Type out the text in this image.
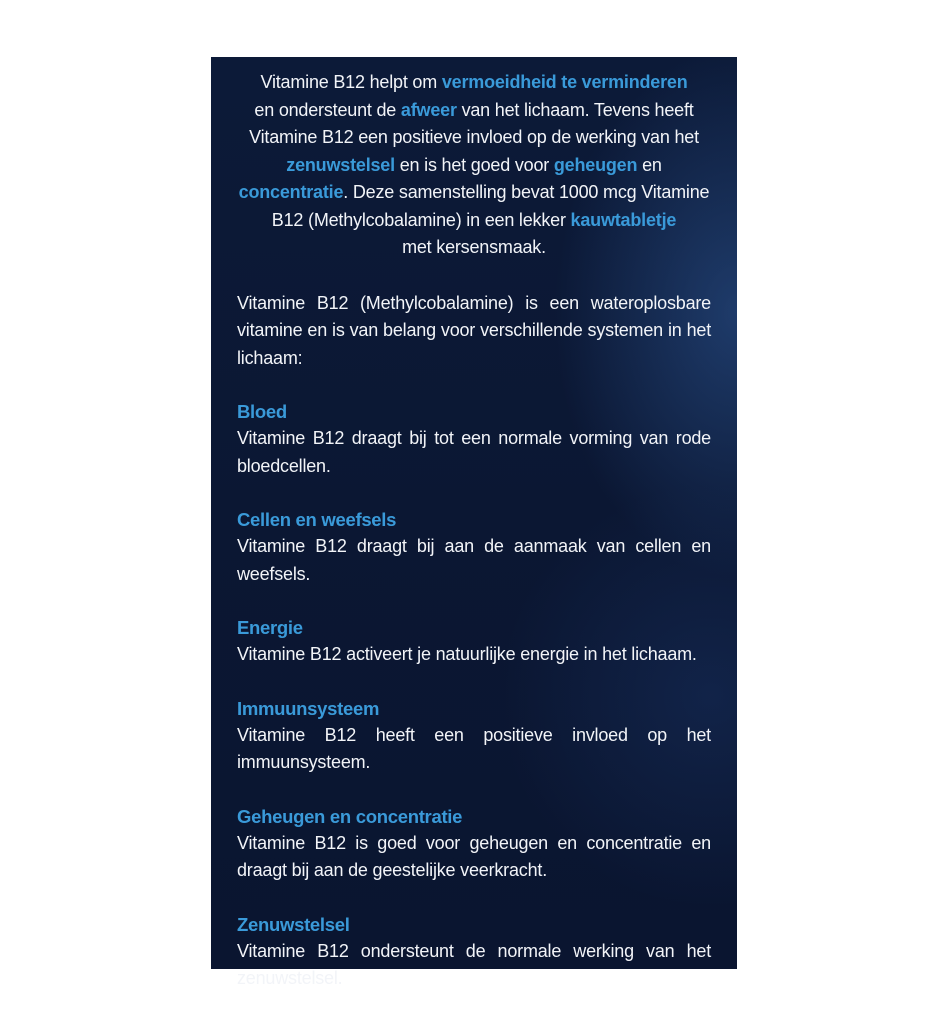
Vitamine B12 helpt om vermoeidheid te verminderen
en ondersteunt de afweer van het lichaam. Tevens heeft Vitamine B12 een positieve invloed op de werking van het zenuwstelsel en is het goed voor geheugen en concentratie. Deze samenstelling bevat 1000 mcg Vitamine B12 (Methylcobalamine) in een lekker kauwtabletje
met kersensmaak.

Vitamine B12 (Methylcobalamine) is een wateroplosbare vitamine en is van belang voor verschillende systemen in het lichaam:

Bloed

Vitamine B12 draagt bij tot een normale vorming van rode bloedcellen.

Cellen en weefsels

Vitamine B12 draagt bij aan de aanmaak van cellen en weefsels.

Energie

Vitamine B12 activeert je natuurlijke energie in het lichaam.

Immuunsysteem

Vitamine B12 heeft een positieve invloed op het immuunsysteem.

Geheugen en concentratie

Vitamine B12 is goed voor geheugen en concentratie en draagt bij aan de geestelijke veerkracht.

Zenuwstelsel

Vitamine B12 ondersteunt de normale werking van het zenuwstelsel.
